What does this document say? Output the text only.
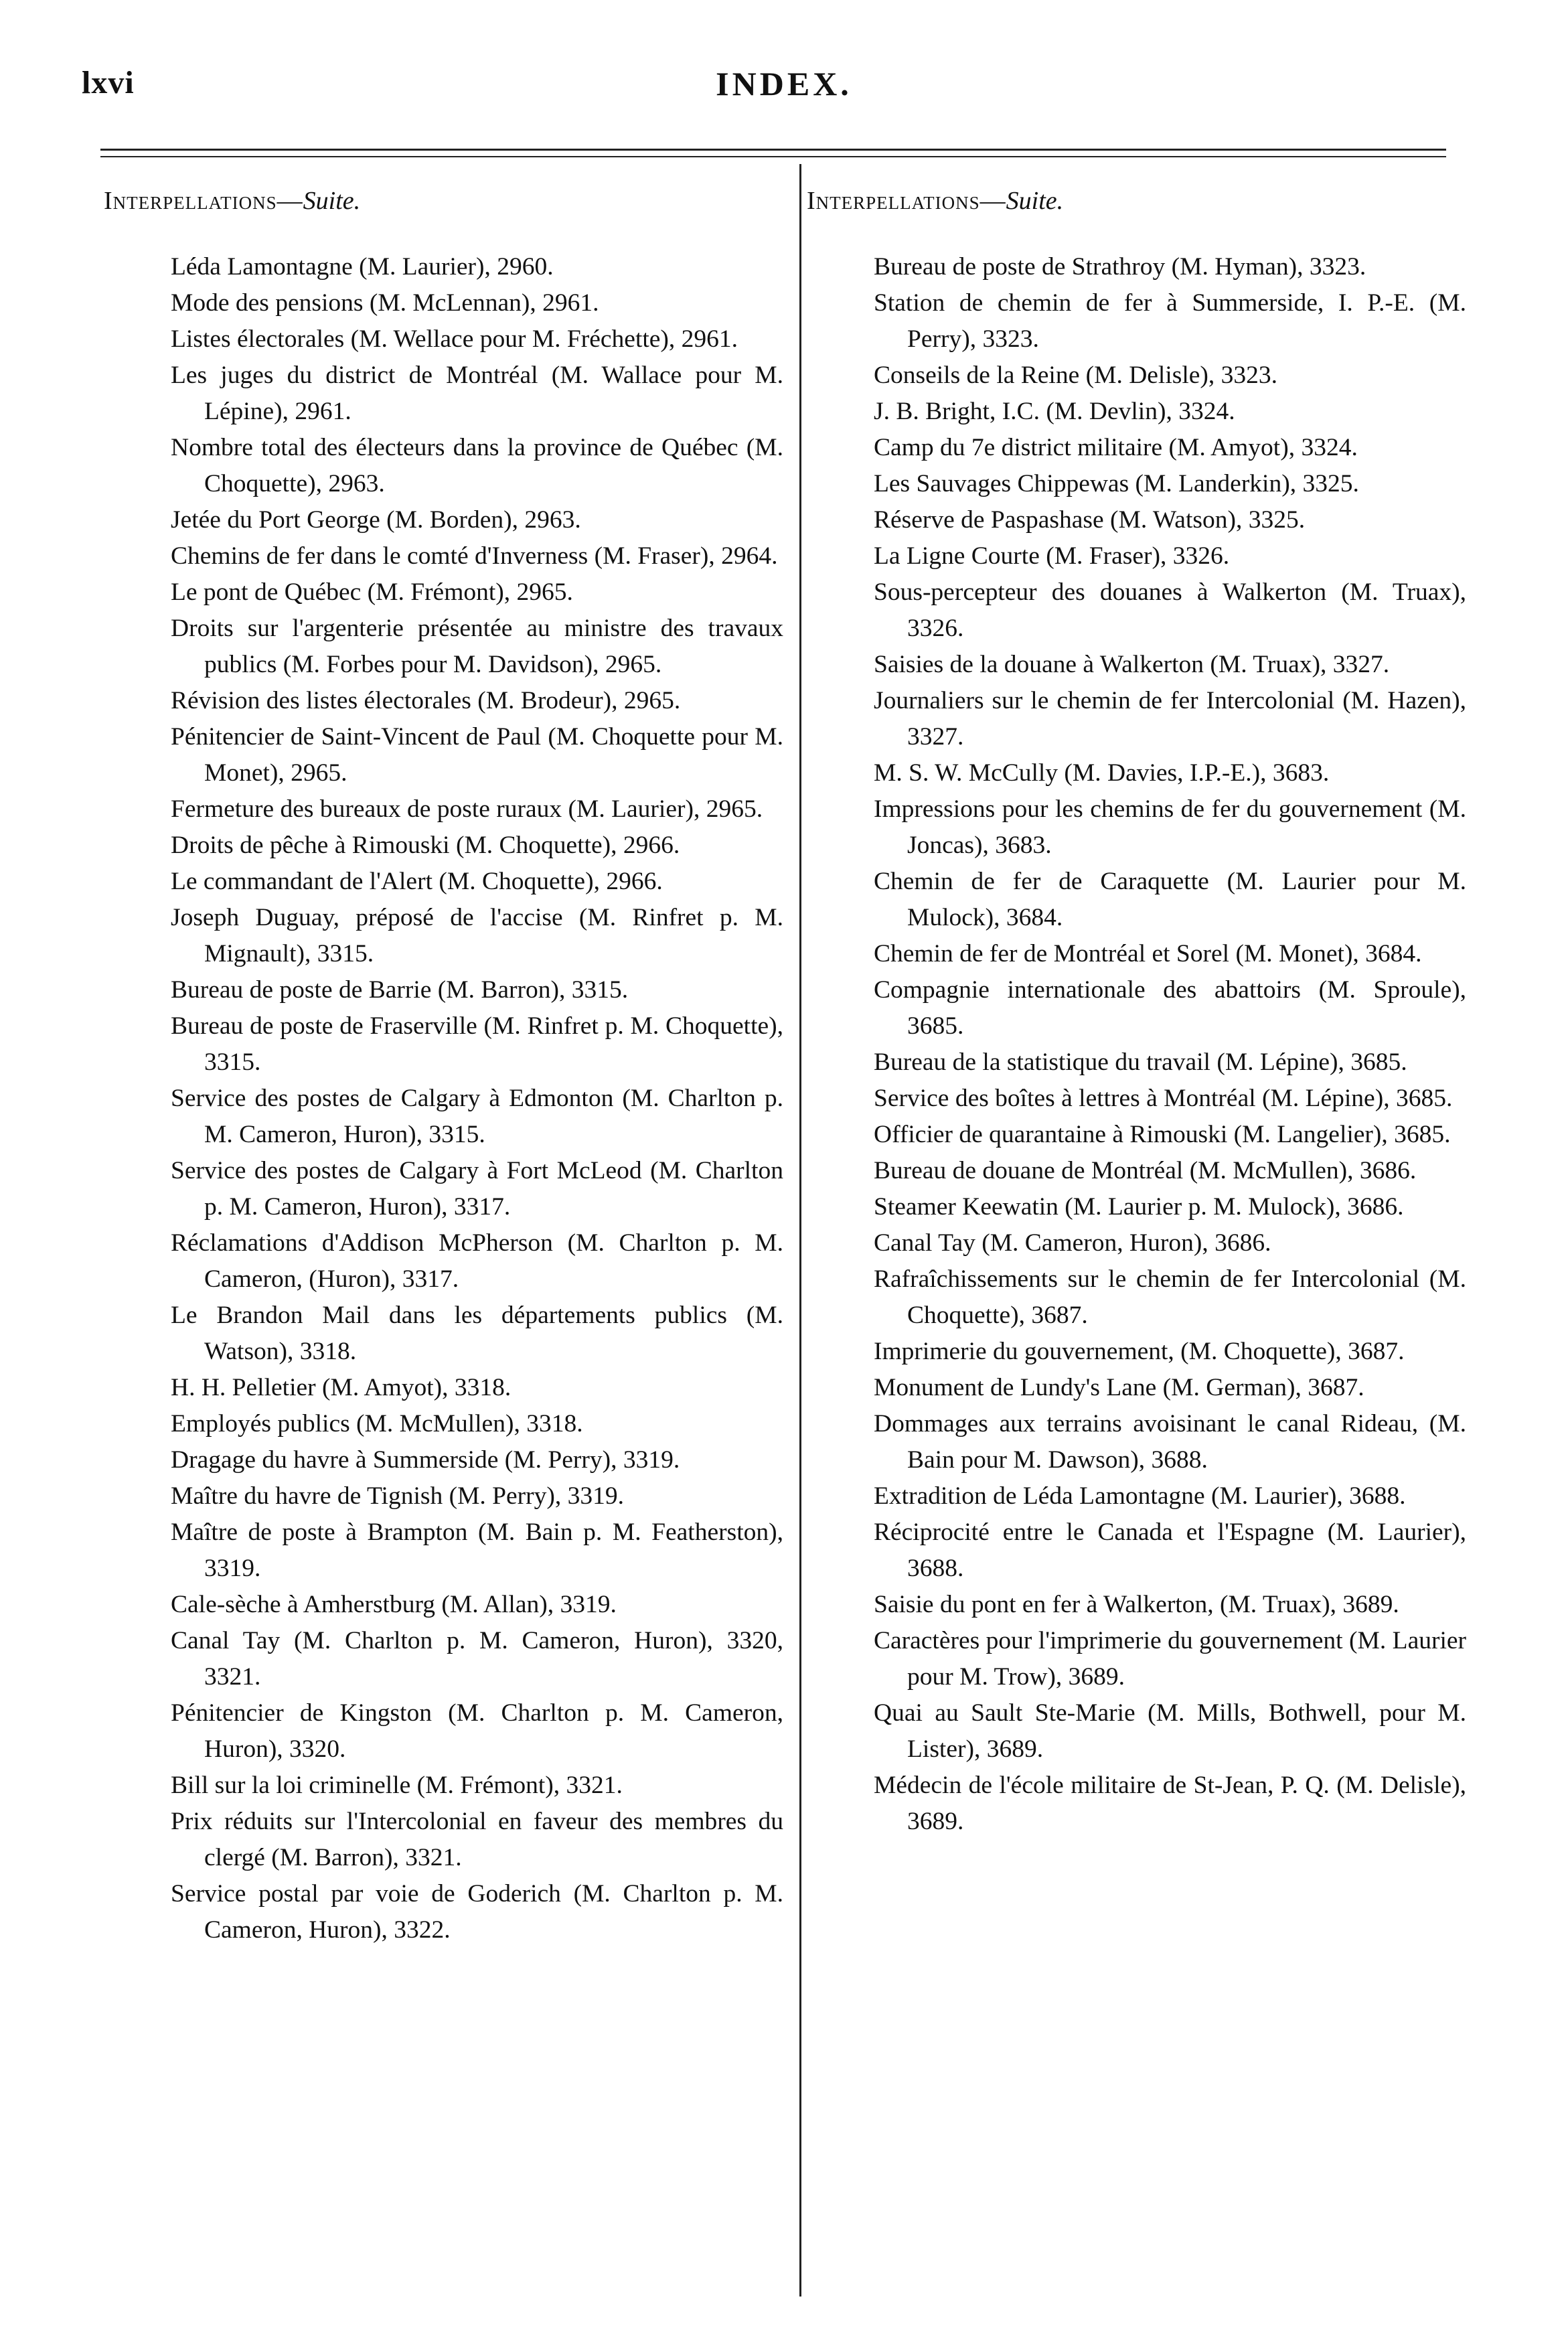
lxvi	INDEX.
Interpellations—Suite.

Léda Lamontagne (M. Laurier), 2960.

Mode des pensions (M. McLennan), 2961.

Listes électorales (M. Wellace pour M. Fréchette), 2961.

Les juges du district de Montréal (M. Wallace pour M. Lépine), 2961.

Nombre total des électeurs dans la province de Québec (M. Choquette), 2963.

Jetée du Port George (M. Borden), 2963.

Chemins de fer dans le comté d'Inverness (M. Fraser), 2964.

Le pont de Québec (M. Frémont), 2965.

Droits sur l'argenterie présentée au ministre des travaux publics (M. Forbes pour M. Davidson), 2965.

Révision des listes électorales (M. Brodeur), 2965.

Pénitencier de Saint-Vincent de Paul (M. Choquette pour M. Monet), 2965.

Fermeture des bureaux de poste ruraux (M. Laurier), 2965.

Droits de pêche à Rimouski (M. Choquette), 2966.

Le commandant de l'Alert (M. Choquette), 2966.

Joseph Duguay, préposé de l'accise (M. Rinfret p. M. Mignault), 3315.

Bureau de poste de Barrie (M. Barron), 3315.

Bureau de poste de Fraserville (M. Rinfret p. M. Choquette), 3315.

Service des postes de Calgary à Edmonton (M. Charlton p. M. Cameron, Huron), 3315.

Service des postes de Calgary à Fort McLeod (M. Charlton p. M. Cameron, Huron), 3317.

Réclamations d'Addison McPherson (M. Charlton p. M. Cameron, (Huron), 3317.

Le Brandon Mail dans les départements publics (M. Watson), 3318.

H. H. Pelletier (M. Amyot), 3318.

Employés publics (M. McMullen), 3318.

Dragage du havre à Summerside (M. Perry), 3319.

Maître du havre de Tignish (M. Perry), 3319.

Maître de poste à Brampton (M. Bain p. M. Featherston), 3319.

Cale-sèche à Amherstburg (M. Allan), 3319.

Canal Tay (M. Charlton p. M. Cameron, Huron), 3320, 3321.

Pénitencier de Kingston (M. Charlton p. M. Cameron, Huron), 3320.

Bill sur la loi criminelle (M. Frémont), 3321.

Prix réduits sur l'Intercolonial en faveur des membres du clergé (M. Barron), 3321.

Service postal par voie de Goderich (M. Charlton p. M. Cameron, Huron), 3322.

Interpellations—Suite.

Bureau de poste de Strathroy (M. Hyman), 3323.

Station de chemin de fer à Summerside, I. P.-E. (M. Perry), 3323.

Conseils de la Reine (M. Delisle), 3323.

J. B. Bright, I.C. (M. Devlin), 3324.

Camp du 7e district militaire (M. Amyot), 3324.

Les Sauvages Chippewas (M. Landerkin), 3325.

Réserve de Paspashase (M. Watson), 3325.

La Ligne Courte (M. Fraser), 3326.

Sous-percepteur des douanes à Walkerton (M. Truax), 3326.

Saisies de la douane à Walkerton (M. Truax), 3327.

Journaliers sur le chemin de fer Intercolonial (M. Hazen), 3327.

M. S. W. McCully (M. Davies, I.P.-E.), 3683.

Impressions pour les chemins de fer du gouvernement (M. Joncas), 3683.

Chemin de fer de Caraquette (M. Laurier pour M. Mulock), 3684.

Chemin de fer de Montréal et Sorel (M. Monet), 3684.

Compagnie internationale des abattoirs (M. Sproule), 3685.

Bureau de la statistique du travail (M. Lépine), 3685.

Service des boîtes à lettres à Montréal (M. Lépine), 3685.

Officier de quarantaine à Rimouski (M. Langelier), 3685.

Bureau de douane de Montréal (M. McMullen), 3686.

Steamer Keewatin (M. Laurier p. M. Mulock), 3686.

Canal Tay (M. Cameron, Huron), 3686.

Rafraîchissements sur le chemin de fer Intercolonial (M. Choquette), 3687.

Imprimerie du gouvernement, (M. Choquette), 3687.

Monument de Lundy's Lane (M. German), 3687.

Dommages aux terrains avoisinant le canal Rideau, (M. Bain pour M. Dawson), 3688.

Extradition de Léda Lamontagne (M. Laurier), 3688.

Réciprocité entre le Canada et l'Espagne (M. Laurier), 3688.

Saisie du pont en fer à Walkerton, (M. Truax), 3689.

Caractères pour l'imprimerie du gouvernement (M. Laurier pour M. Trow), 3689.

Quai au Sault Ste-Marie (M. Mills, Bothwell, pour M. Lister), 3689.

Médecin de l'école militaire de St-Jean, P. Q. (M. Delisle), 3689.
